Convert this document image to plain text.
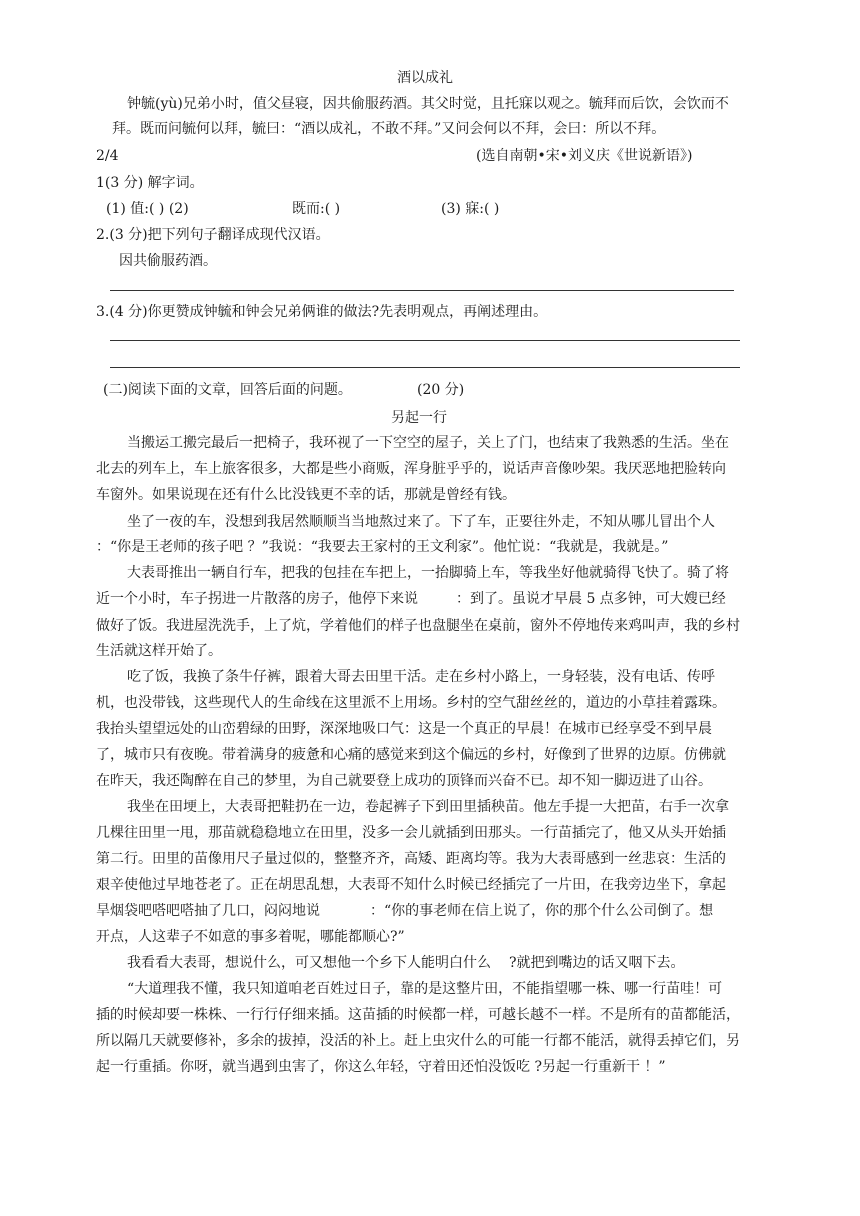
酒以成礼
钟毓(yù)兄弟小时，值父昼寝，因共偷服药酒。其父时觉，且托寐以观之。毓拜而后饮，会饮而不
拜。既而问毓何以拜，毓曰：“酒以成礼，不敢不拜。”又问会何以不拜，会曰：所以不拜。
2/4	(选自南朝•宋•刘义庆《世说新语》)
1(3 分) 解字词。
(1) 值:( ) (2)	既而:( )	(3) 寐:( )
2.(3 分)把下列句子翻译成现代汉语。
因共偷服药酒。
3.(4 分)你更赞成钟毓和钟会兄弟俩谁的做法?先表明观点，再阐述理由。
(二)阅读下面的文章，回答后面的问题。	(20 分)
另起一行
当搬运工搬完最后一把椅子，我环视了一下空空的屋子，关上了门，也结束了我熟悉的生活。坐在
北去的列车上，车上旅客很多，大都是些小商贩，浑身脏乎乎的，说话声音像吵架。我厌恶地把脸转向
车窗外。如果说现在还有什么比没钱更不幸的话，那就是曾经有钱。
坐了一夜的车，没想到我居然顺顺当当地熬过来了。下了车，正要往外走，不知从哪儿冒出个人
：“你是王老师的孩子吧 ？”我说：“我要去王家村的王文利家”。他忙说：“我就是，我就是。”
大表哥推出一辆自行车，把我的包挂在车把上，一抬脚骑上车，等我坐好他就骑得飞快了。骑了将
近一个小时，车子拐进一片散落的房子，他停下来说	：到了。虽说才早晨 5 点多钟，可大嫂已经
做好了饭。我进屋洗洗手，上了炕，学着他们的样子也盘腿坐在桌前，窗外不停地传来鸡叫声，我的乡村
生活就这样开始了。
吃了饭，我换了条牛仔裤，跟着大哥去田里干活。走在乡村小路上，一身轻装，没有电话、传呼
机，也没带钱，这些现代人的生命线在这里派不上用场。乡村的空气甜丝丝的，道边的小草挂着露珠。
我抬头望望远处的山峦碧绿的田野，深深地吸口气：这是一个真正的早晨！在城市已经享受不到早晨
了，城市只有夜晚。带着满身的疲惫和心痛的感觉来到这个偏远的乡村，好像到了世界的边原。仿佛就
在昨天，我还陶醉在自己的梦里，为自己就要登上成功的顶锋而兴奋不已。却不知一脚迈进了山谷。
我坐在田埂上，大表哥把鞋扔在一边，卷起裤子下到田里插秧苗。他左手提一大把苗，右手一次拿
几棵往田里一甩，那苗就稳稳地立在田里，没多一会儿就插到田那头。一行苗插完了，他又从头开始插
第二行。田里的苗像用尺子量过似的，整整齐齐，高矮、距离均等。我为大表哥感到一丝悲哀：生活的
艰辛使他过早地苍老了。正在胡思乱想，大表哥不知什么时候已经插完了一片田，在我旁边坐下，拿起
旱烟袋吧嗒吧嗒抽了几口，闷闷地说	：“你的事老师在信上说了，你的那个什么公司倒了。想
开点，人这辈子不如意的事多着呢，哪能都顺心?”
我看看大表哥，想说什么，可又想他一个乡下人能明白什么 ?就把到嘴边的话又咽下去。
“大道理我不懂，我只知道咱老百姓过日子，靠的是这整片田，不能指望哪一株、哪一行苗哇！可
插的时候却要一株株、一行行仔细来插。这苗插的时候都一样，可越长越不一样。不是所有的苗都能活，
所以隔几天就要修补，多余的拔掉，没活的补上。赶上虫灾什么的可能一行都不能活，就得丢掉它们，另
起一行重插。你呀，就当遇到虫害了，你这么年轻，守着田还怕没饭吃 ?另起一行重新干 ！”
